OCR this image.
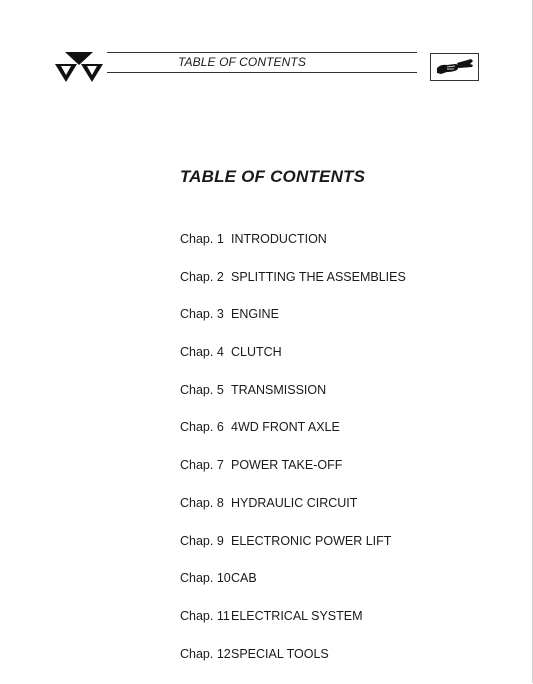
TABLE OF CONTENTS
TABLE OF CONTENTS
Chap. 1 INTRODUCTION
Chap. 2 SPLITTING THE ASSEMBLIES
Chap. 3 ENGINE
Chap. 4 CLUTCH
Chap. 5 TRANSMISSION
Chap. 6 4WD FRONT AXLE
Chap. 7 POWER TAKE-OFF
Chap. 8 HYDRAULIC CIRCUIT
Chap. 9 ELECTRONIC POWER LIFT
Chap. 10 CAB
Chap. 11 ELECTRICAL SYSTEM
Chap. 12 SPECIAL TOOLS
